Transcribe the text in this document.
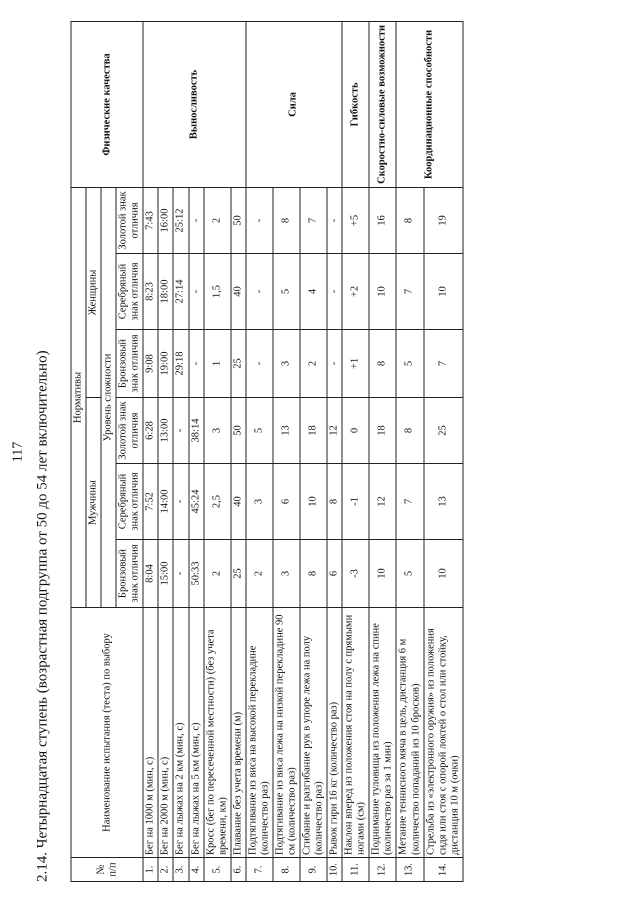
117 2.14. Четырнадцатая ступень (возрастная подгруппа от 50 до 54 лет включительно)	№ п/п	Наименование испытания (теста) по выбору	Нормативы						Физические качества
		Мужчины			Женщины			
		Уровень сложности						
		Бронзовый знак отличия	Серебряный знак отличия	Золотой знак отличия	Бронзовый знак отличия	Серебряный знак отличия	Золотой знак отличия	
1.	Бег на 1000 м (мин, с)	8:04	7:52	6:28	9:08	8:23	7:43	Выносливость
2.	Бег на 2000 м (мин, с)	15:00	14:00	13:00	19:00	18:00	16:00	
3.	Бег на лыжах на 2 км (мин, с)	-	-	-	29:18	27:14	25:12	
4.	Бег на лыжах на 5 км (мин, с)	50:33	45:24	38:14	-	-	-	
5.	Кросс (бег по пересеченной местности) (без учета времени, км)	2	2,5	3	1	1,5	2	
6.	Плавание без учета времени (м)	25	40	50	25	40	50	
7.	Подтягивание из виса на высокой перекладине (количество раз)	2	3	5	-	-	-	Сила
8.	Подтягивание из виса лежа на низкой перекладине 90 см (количество раз)	3	6	13	3	5	8	
9.	Сгибание и разгибание рук в упоре лежа на полу (количество раз)	8	10	18	2	4	7	
10.	Рывок гири 16 кг (количество раз)	6	8	12	-	-	-	
11.	Наклон вперед из положения стоя на полу с прямыми ногами (см)	-3	-1	0	+1	+2	+5	Гибкость
12.	Поднимание туловища из положения лежа на спине (количество раз за 1 мин)	10	12	18	8	10	16	Скоростно-силовые возможности
13.	Метание теннисного мяча в цель, дистанция 6 м (количество попаданий из 10 бросков)	5	7	8	5	7	8	Координационные способности
14.	Стрельба из «электронного оружия» из положения сидя или стоя с опорой локтей о стол или стойку, дистанция 10 м (очки)	10	13	25	7	10	19	
